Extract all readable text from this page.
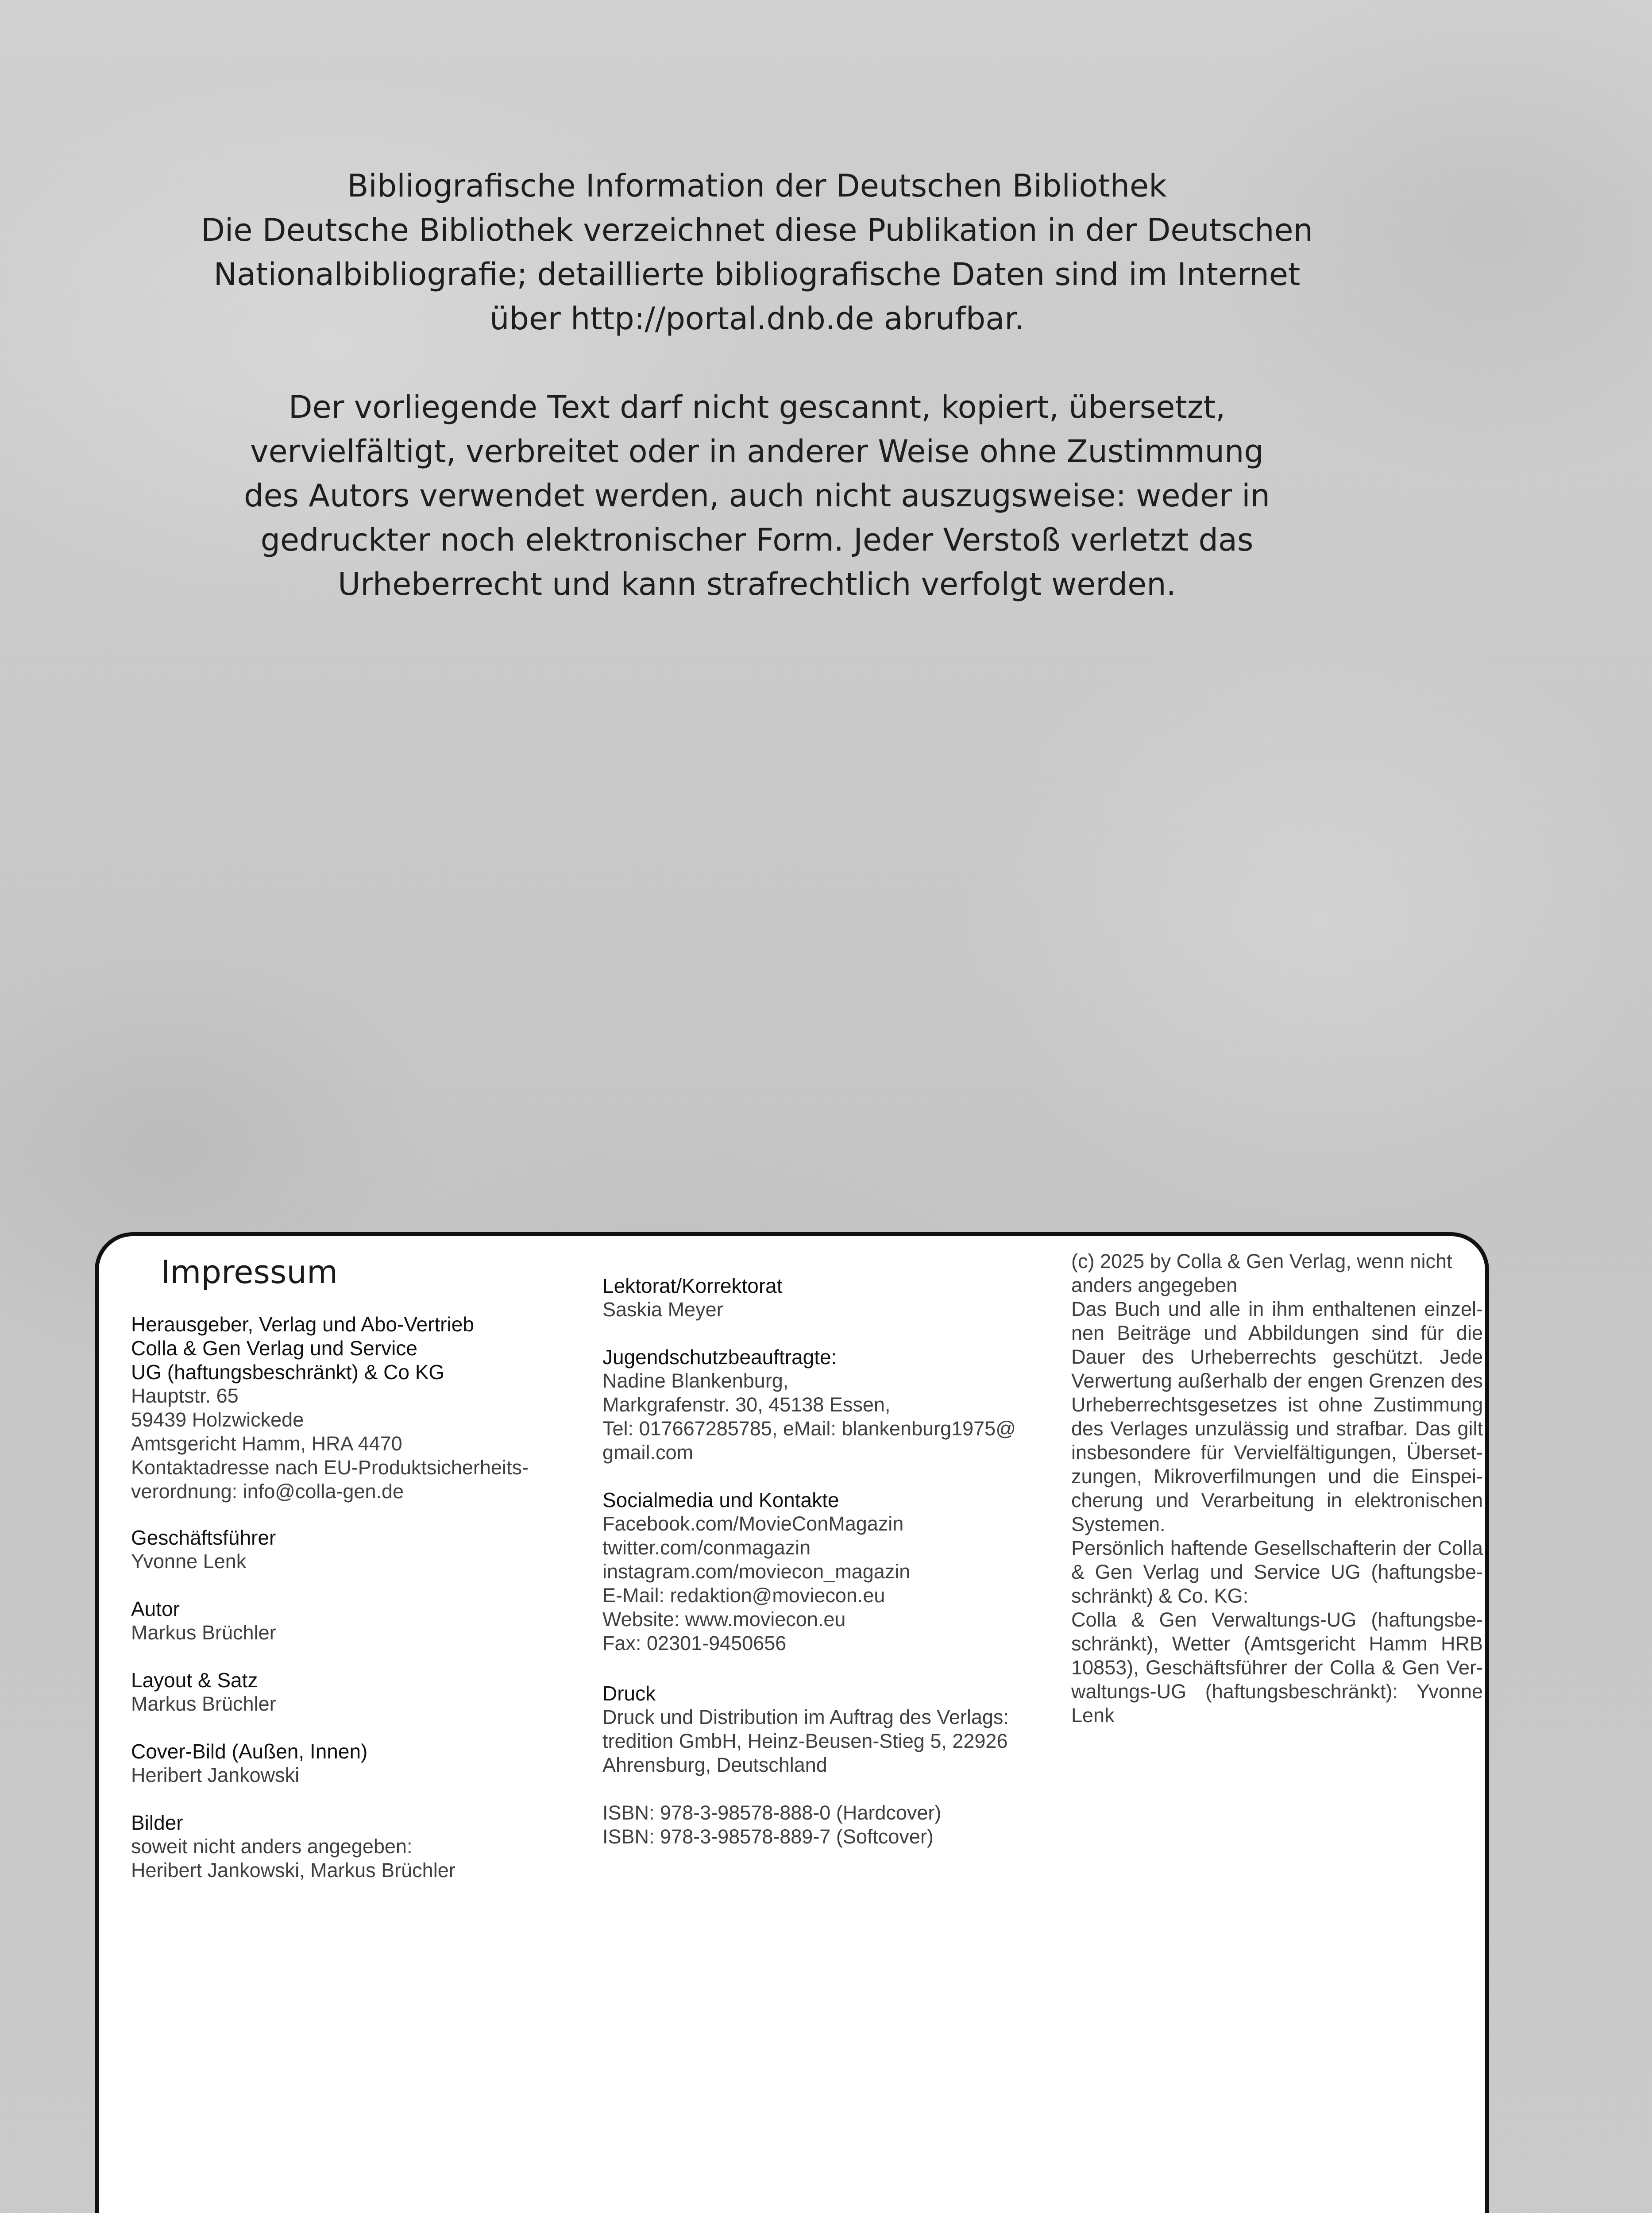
Bibliografische Information der Deutschen Bibliothek
Die Deutsche Bibliothek verzeichnet diese Publikation in der Deutschen
Nationalbibliografie; detaillierte bibliografische Daten sind im Internet
über http://portal.dnb.de abrufbar.

Der vorliegende Text darf nicht gescannt, kopiert, übersetzt,
vervielfältigt, verbreitet oder in anderer Weise ohne Zustimmung
des Autors verwendet werden, auch nicht auszugsweise: weder in
gedruckter noch elektronischer Form. Jeder Verstoß verletzt das
Urheberrecht und kann strafrechtlich verfolgt werden.

Impressum
Herausgeber, Verlag und Abo-Vertrieb
Colla & Gen Verlag und Service
UG (haftungsbeschränkt) & Co KG
Hauptstr. 65
59439 Holzwickede
Amtsgericht Hamm, HRA 4470
Kontaktadresse nach EU-Produktsicherheits-
verordnung: info@colla-gen.de
Geschäftsführer
Yvonne Lenk
Autor
Markus Brüchler
Layout & Satz
Markus Brüchler
Cover-Bild (Außen, Innen)
Heribert Jankowski
Bilder
soweit nicht anders angegeben:
Heribert Jankowski, Markus Brüchler
Lektorat/Korrektorat
Saskia Meyer
Jugendschutzbeauftragte:
Nadine Blankenburg,
Markgrafenstr. 30, 45138 Essen,
Tel: 017667285785, eMail: blankenburg1975@
gmail.com
Socialmedia und Kontakte
Facebook.com/MovieConMagazin
twitter.com/conmagazin
instagram.com/moviecon_magazin
E-Mail: redaktion@moviecon.eu
Website: www.moviecon.eu
Fax: 02301-9450656
Druck
Druck und Distribution im Auftrag des Verlags:
tredition GmbH, Heinz-Beusen-Stieg 5, 22926
Ahrensburg, Deutschland
ISBN: 978-3-98578-888-0 (Hardcover)
ISBN: 978-3-98578-889-7 (Softcover)
(c) 2025 by Colla & Gen Verlag, wenn nicht
anders angegeben
Das Buch und alle in ihm enthaltenen einzel-
nen Beiträge und Abbildungen sind für die
Dauer des Urheberrechts geschützt. Jede
Verwertung außerhalb der engen Grenzen des
Urheberrechtsgesetzes ist ohne Zustimmung
des Verlages unzulässig und strafbar. Das gilt
insbesondere für Vervielfältigungen, Überset-
zungen, Mikroverfilmungen und die Einspei-
cherung und Verarbeitung in elektronischen
Systemen.
Persönlich haftende Gesellschafterin der Colla
& Gen Verlag und Service UG (haftungsbe-
schränkt) & Co. KG:
Colla & Gen Verwaltungs-UG (haftungsbe-
schränkt), Wetter (Amtsgericht Hamm HRB
10853), Geschäftsführer der Colla & Gen Ver-
waltungs-UG (haftungsbeschränkt): Yvonne
Lenk
